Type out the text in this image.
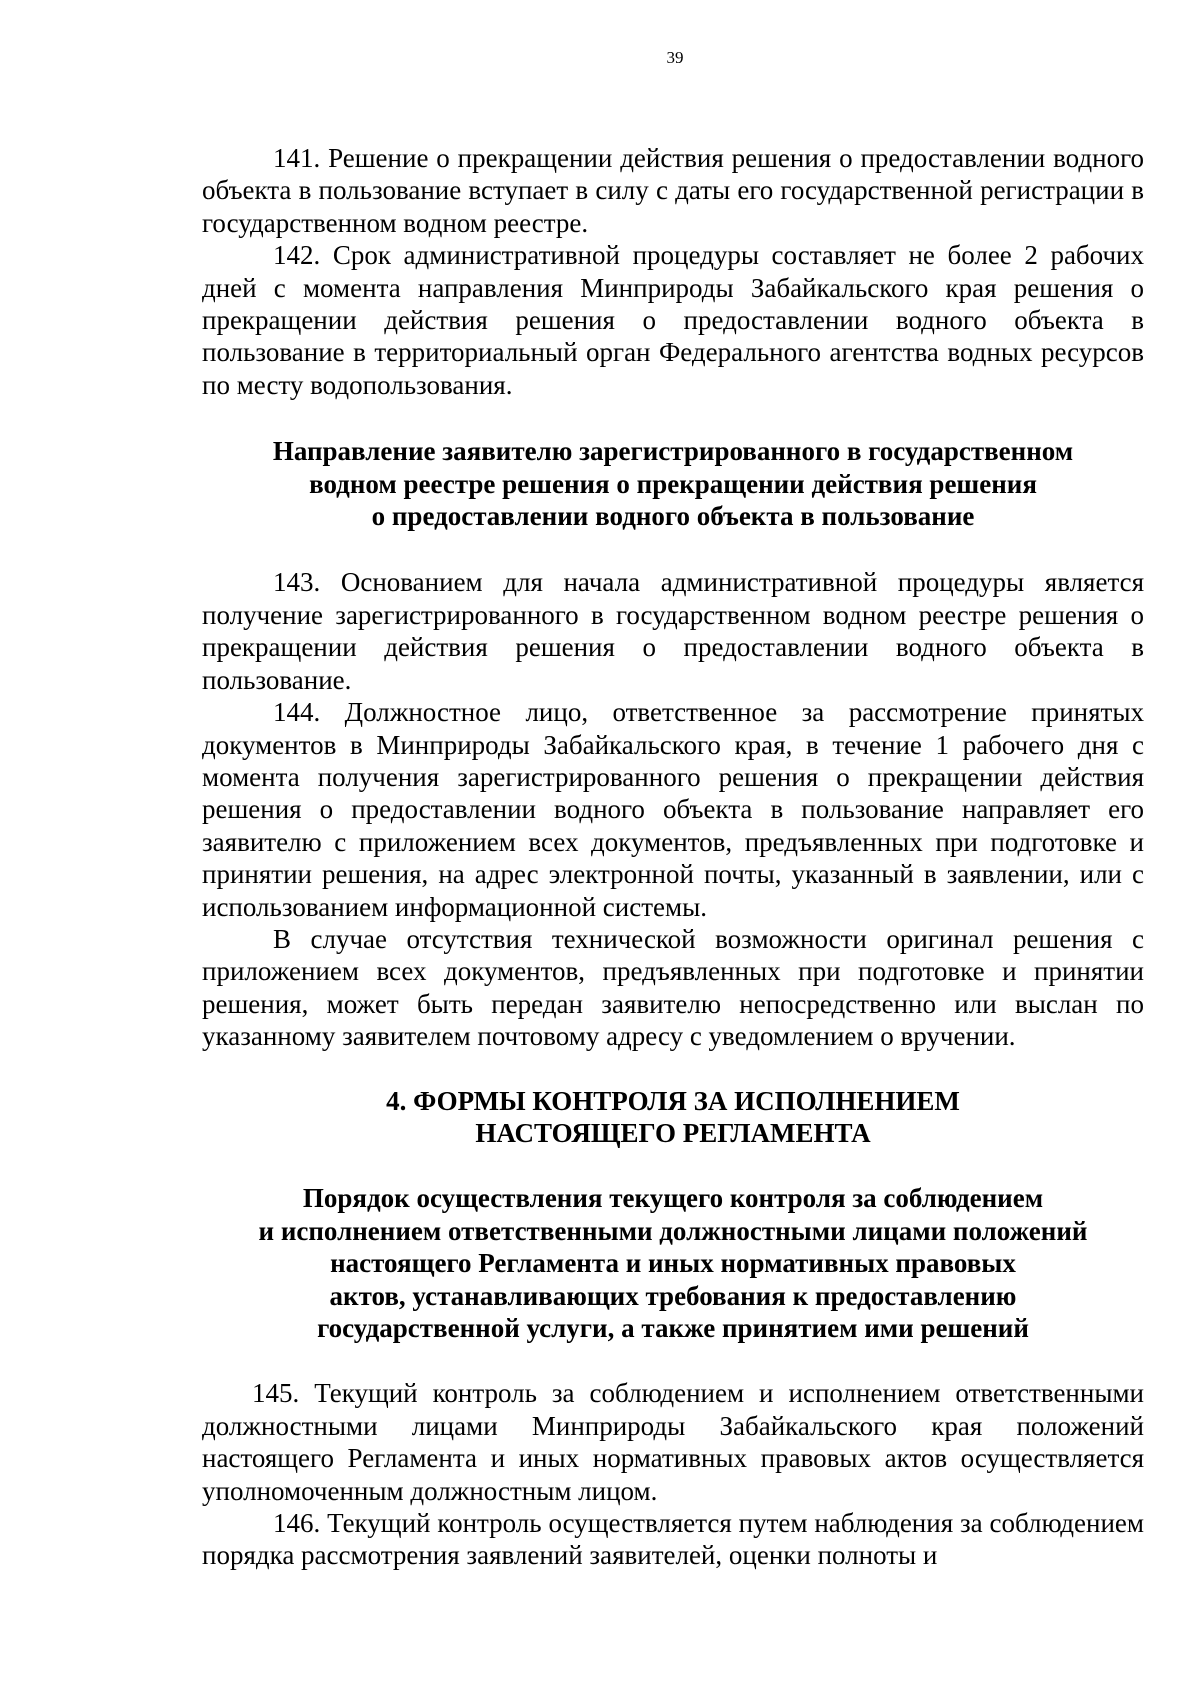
39

141. Решение о прекращении действия решения о предоставлении водного объекта в пользование вступает в силу с даты его государственной регистрации в государственном водном реестре.

142. Срок административной процедуры составляет не более 2 рабочих дней с момента направления Минприроды Забайкальского края решения о прекращении действия решения о предоставлении водного объекта в пользование в территориальный орган Федерального агентства водных ресурсов по месту водопользования.

Направление заявителю зарегистрированного в государственном
водном реестре решения о прекращении действия решения
о предоставлении водного объекта в пользование

143. Основанием для начала административной процедуры является получение зарегистрированного в государственном водном реестре решения о прекращении действия решения о предоставлении водного объекта в пользование.

144. Должностное лицо, ответственное за рассмотрение принятых документов в Минприроды Забайкальского края, в течение 1 рабочего дня с момента получения зарегистрированного решения о прекращении действия решения о предоставлении водного объекта в пользование направляет его заявителю с приложением всех документов, предъявленных при подготовке и принятии решения, на адрес электронной почты, указанный в заявлении, или с использованием информационной системы.

В случае отсутствия технической возможности оригинал решения с приложением всех документов, предъявленных при подготовке и принятии решения, может быть передан заявителю непосредственно или выслан по указанному заявителем почтовому адресу с уведомлением о вручении.

4. ФОРМЫ КОНТРОЛЯ ЗА ИСПОЛНЕНИЕМ
НАСТОЯЩЕГО РЕГЛАМЕНТА
Порядок осуществления текущего контроля за соблюдением
и исполнением ответственными должностными лицами положений
настоящего Регламента и иных нормативных правовых
актов, устанавливающих требования к предоставлению
государственной услуги, а также принятием ими решений

145. Текущий контроль за соблюдением и исполнением ответственными должностными лицами Минприроды Забайкальского края положений настоящего Регламента и иных нормативных правовых актов осуществляется уполномоченным должностным лицом.

146. Текущий контроль осуществляется путем наблюдения за соблюдением порядка рассмотрения заявлений заявителей, оценки полноты и
